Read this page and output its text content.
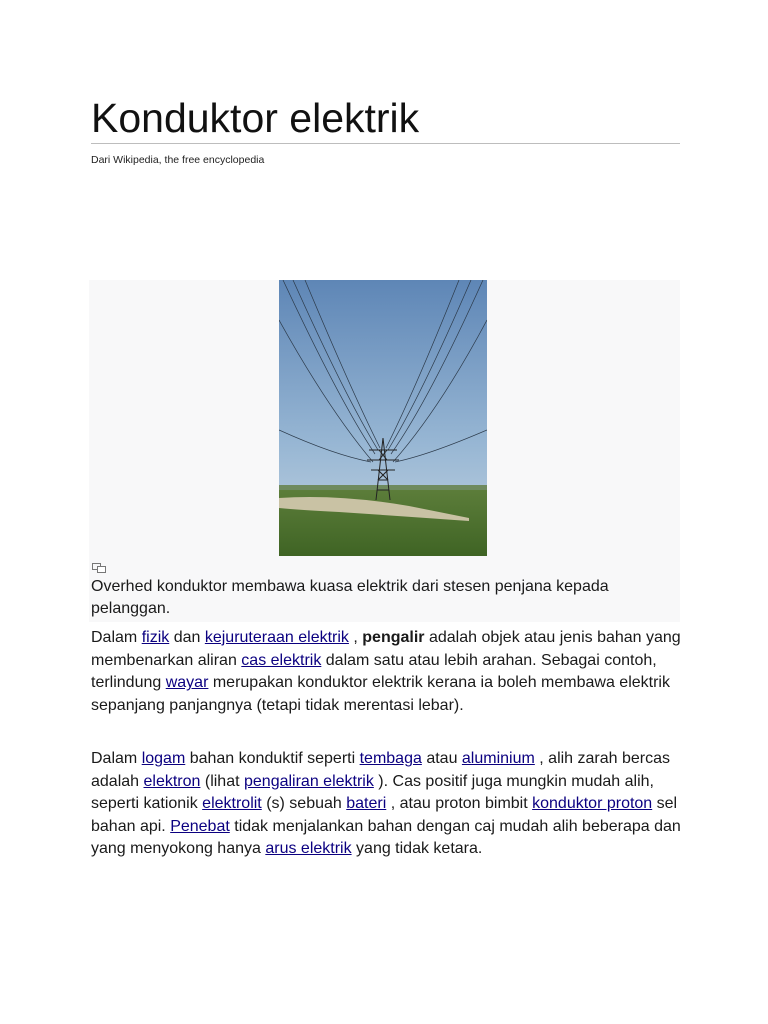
Konduktor elektrik
Dari Wikipedia, the free encyclopedia
Overhed konduktor membawa kuasa elektrik dari stesen penjana kepada pelanggan.

Dalam fizik dan kejuruteraan elektrik , pengalir adalah objek atau jenis bahan yang membenarkan aliran cas elektrik dalam satu atau lebih arahan. Sebagai contoh, terlindung wayar merupakan konduktor elektrik kerana ia boleh membawa elektrik sepanjang panjangnya (tetapi tidak merentasi lebar).

Dalam logam bahan konduktif seperti tembaga atau aluminium , alih zarah bercas adalah elektron (lihat pengaliran elektrik ). Cas positif juga mungkin mudah alih, seperti kationik elektrolit (s) sebuah bateri , atau proton bimbit konduktor proton sel bahan api. Penebat tidak menjalankan bahan dengan caj mudah alih beberapa dan yang menyokong hanya arus elektrik yang tidak ketara.
